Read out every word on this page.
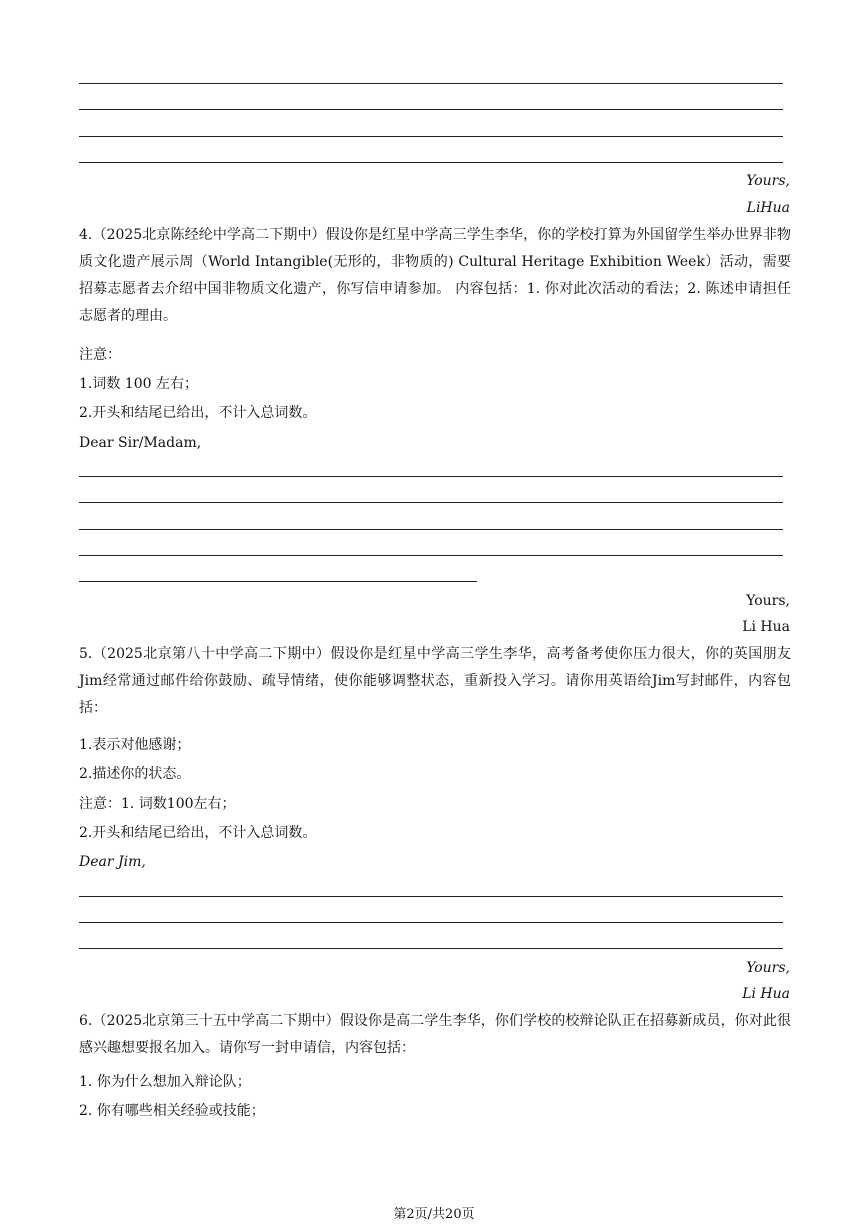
Yours,
LiHua
4.（2025北京陈经纶中学高二下期中）假设你是红星中学高三学生李华，你的学校打算为外国留学生举办世界非物质文化遗产展示周（World Intangible(无形的，非物质的) Cultural Heritage Exhibition Week）活动，需要招募志愿者去介绍中国非物质文化遗产，你写信申请参加。 内容包括：1. 你对此次活动的看法；2. 陈述申请担任志愿者的理由。
注意：
1.词数 100 左右；
2.开头和结尾已给出，不计入总词数。
Dear Sir/Madam,
Yours,
Li Hua
5.（2025北京第八十中学高二下期中）假设你是红星中学高三学生李华，高考备考使你压力很大，你的英国朋友Jim经常通过邮件给你鼓励、疏导情绪，使你能够调整状态，重新投入学习。请你用英语给Jim写封邮件，内容包括：
1.表示对他感谢；
2.描述你的状态。
注意：1. 词数100左右；
2.开头和结尾已给出，不计入总词数。
Dear Jim,
Yours,
Li Hua
6.（2025北京第三十五中学高二下期中）假设你是高二学生李华，你们学校的校辩论队正在招募新成员，你对此很感兴趣想要报名加入。请你写一封申请信，内容包括：
1. 你为什么想加入辩论队；
2. 你有哪些相关经验或技能；
第2页/共20页
